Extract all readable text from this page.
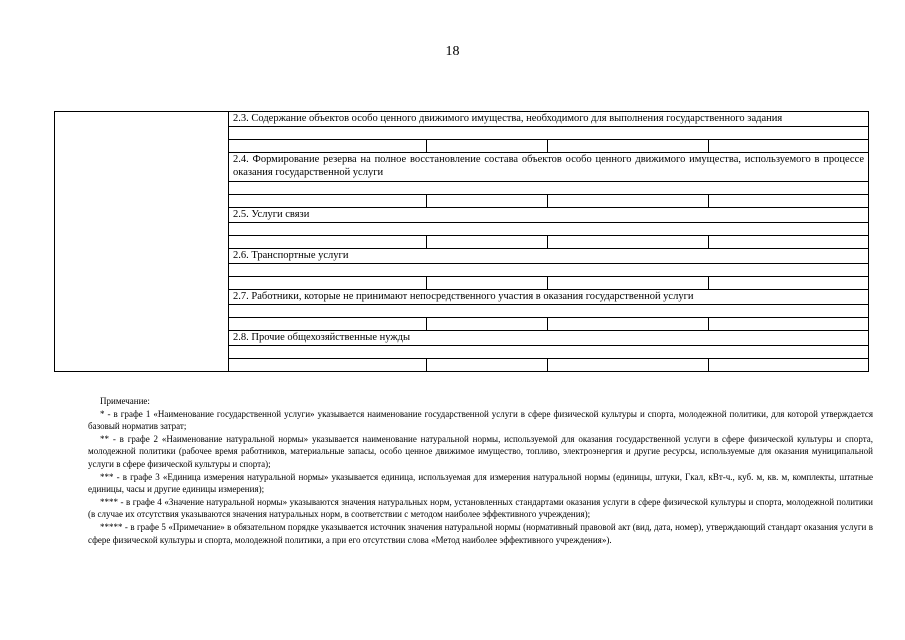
18
	2.3. Содержание объектов особо ценного движимого имущества, необходимого для выполнения государственного задания			

	2.4. Формирование резерва на полное восстановление состава объектов особо ценного движимого имущества, используемого в процессе оказания государственной услуги			

	2.5. Услуги связи			

	2.6. Транспортные услуги			

	2.7. Работники, которые не принимают непосредственного участия в оказания государственной услуги			

	2.8. Прочие общехозяйственные нужды			

Примечание:

* - в графе 1 «Наименование государственной услуги» указывается наименование государственной услуги в сфере физической культуры и спорта, молодежной политики, для которой утверждается базовый норматив затрат;

** - в графе 2 «Наименование натуральной нормы» указывается наименование натуральной нормы, используемой для оказания государственной услуги в сфере физической культуры и спорта, молодежной политики (рабочее время работников, материальные запасы, особо ценное движимое имущество, топливо, электроэнергия и другие ресурсы, используемые для оказания муниципальной услуги в сфере физической культуры и спорта);

*** - в графе 3 «Единица измерения натуральной нормы» указывается единица, используемая для измерения натуральной нормы (единицы, штуки, Гкал, кВт-ч., куб. м, кв. м, комплекты, штатные единицы, часы и другие единицы измерения);

**** - в графе 4 «Значение натуральной нормы» указываются значения натуральных норм, установленных стандартами оказания услуги в сфере физической культуры и спорта, молодежной политики (в случае их отсутствия указываются значения натуральных норм, в соответствии с методом наиболее эффективного учреждения);

***** - в графе 5 «Примечание» в обязательном порядке указывается источник значения натуральной нормы (нормативный правовой акт (вид, дата, номер), утверждающий стандарт оказания услуги в сфере физической культуры и спорта, молодежной политики, а при его отсутствии слова «Метод наиболее эффективного учреждения»).
